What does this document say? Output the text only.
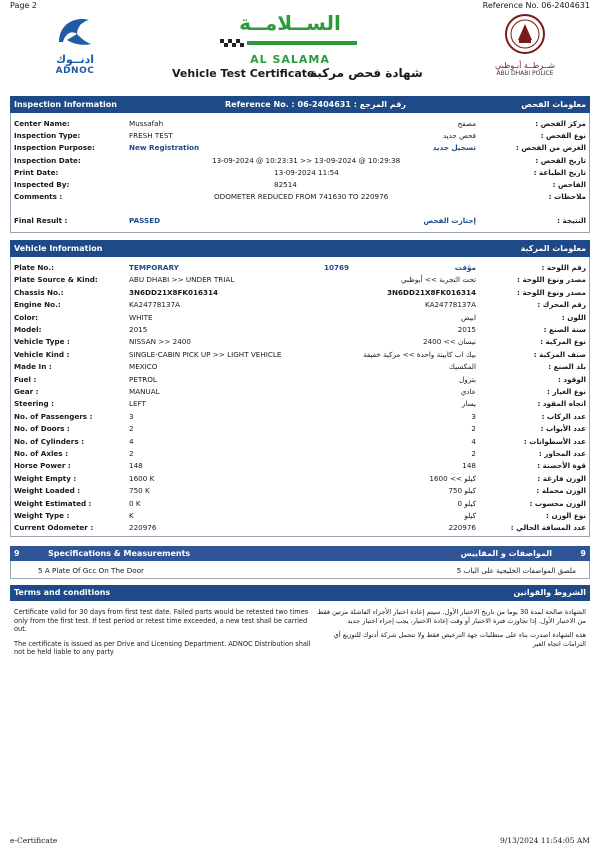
Page 2	Reference No. 06-2404631
ادنــوك
ADNOC
الســلامــة
AL SALAMA	شــرطــة أبـوظبي
ABU DHABI POLICE
Vehicle Test Certificate
شهادة فحص مركبة
Inspection Information	Reference No. : 06-2404631 : رقم المرجع	معلومات الفحص
Center Name:	Mussafah	مصفح	: مركز الفحص
Inspection Type:	FRESH TEST	فحص جديد	: نوع الفحص
Inspection Purpose:	New Registration	تسجيل جديد	: الغرض من الفحص
Inspection Date:	13-09-2024 @ 10:23:31 >> 13-09-2024 @ 10:29:38	: تاريخ الفحص
Print Date:	13-09-2024 11:54	: تاريخ الطباعة
Inspected By:	82514	: الفاحص
Comments :	ODOMETER REDUCED FROM 741630 TO 220976	: ملاحظات
Final Result :	PASSED	إجتازت الفحص	: النتيجة
Vehicle Information	معلومات المركبة
Plate No.:	TEMPORARY	10769	مؤقت	: رقم اللوحة
Plate Source & Kind:	ABU DHABI >> UNDER TRIAL	تحت التجربة >> أبوظبي	: مصدر ونوع اللوحة
Chassis No.:	3N6DD21X8FK016314	3N6DD21X8FK016314	: مصدر ونوع اللوحة
Engine No.:	KA24778137A	KA24778137A	: رقم المحرك
Color:	WHITE	ابيض	: اللون
Model:	2015	2015	: سنة الصنع
Vehicle Type :	NISSAN >> 2400	نيسان >> 2400	: نوع المركبة
Vehicle Kind :	SINGLE-CABIN PICK UP >> LIGHT VEHICLE	بيك اب كابينة واحدة >> مركبة خفيفة	: صنف المركبة
Made In :	MEXICO	المكسيك	: بلد الصنع
Fuel :	PETROL	بترول	: الوقود
Gear :	MANUAL	عادي	: نوع الغيار
Steering :	LEFT	يسار	: اتجاه المقود
No. of Passengers :	3	3	: عدد الركاب
No. of Doors :	2	2	: عدد الأبواب
No. of Cylinders :	4	4	: عدد الأسطوانات
No. of Axles :	2	2	: عدد المحاور
Horse Power :	148	148	: قوة الأحصنة
Weight Empty :	1600 K	كيلو >> 1600	: الوزن فارغة
Weight Loaded :	750 K	كيلو 750	: الوزن محملة
Weight Estimated :	0 K	كيلو 0	: الوزن محسوب
Weight Type :	K	كيلو	: نوع الوزن
Current Odometer :	220976	220976	: عدد المسافة الحالي
9	Specifications & Measurements	المواصفات و المقاييس	9
5 A Plate Of Gcc On The Door	5 ملصق المواصفات الخليجية على الباب
Terms and conditions	الشروط والقوانين

Certificate valid for 30 days from first test date. Failed parts would be retested two times only from the first test. If test period or retest time exceeded, a new test shall be carried out.

The certificate is issued as per Drive and Licensing Department. ADNOC Distribution shall not be held liable to any party

الشهادة صالحة لمدة 30 يوما من تاريخ الاختبار الأول. سيتم إعادة اختبار الأجزاء الفاشلة مرتين فقط من الاختبار الأول. إذا تجاوزت فترة الاختبار أو وقت إعادة الاختبار، يجب إجراء اختبار جديد

هذه الشهادة اصدرت بناء على متطلبات جهة الترخيص فقط ولا تتحمل شركة أدنوك للتوزيع أي التزامات اتجاه الغير

e-Certificate	9/13/2024 11:54:05 AM
